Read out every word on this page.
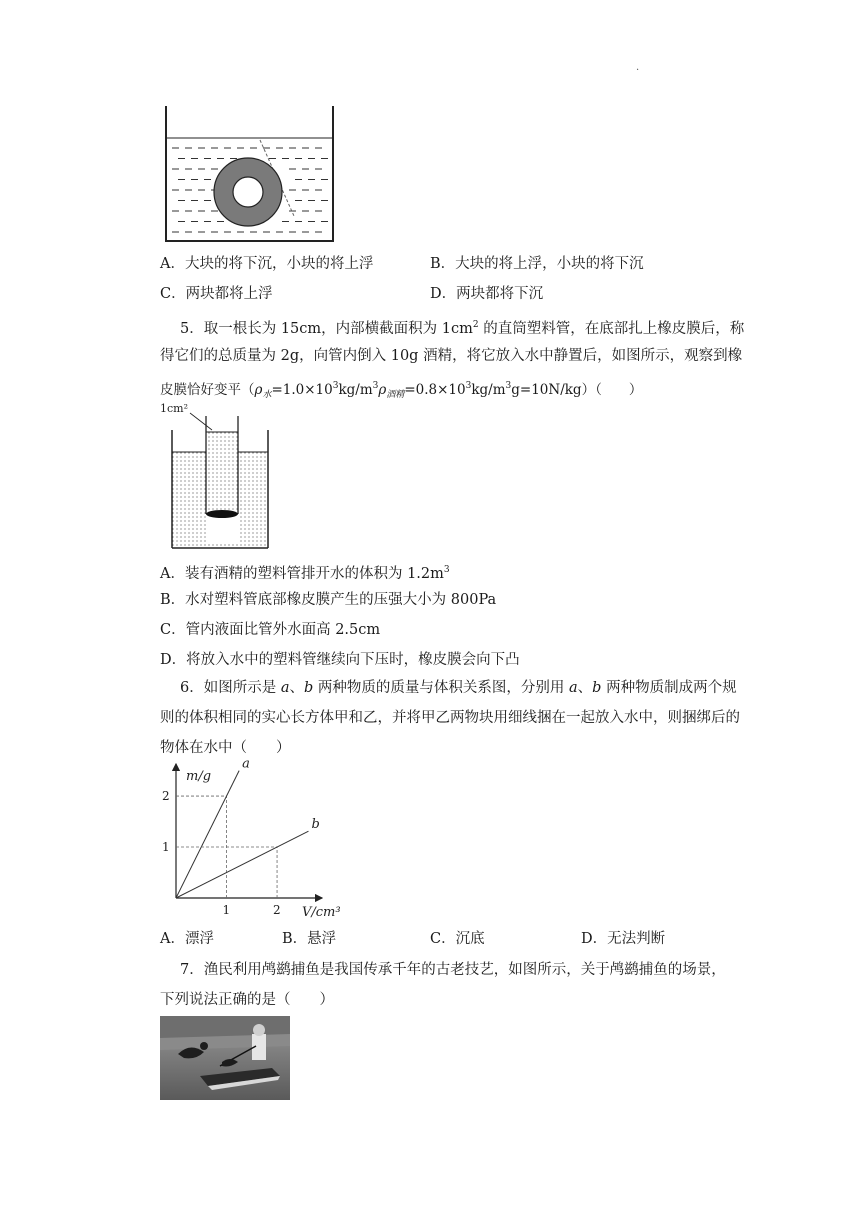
.
A．大块的将下沉，小块的将上浮	B．大块的将上浮，小块的将下沉
C．两块都将上浮	D．两块都将下沉
5．取一根长为 15cm，内部横截面积为 $1cm^2$ 的直筒塑料管，在底部扎上橡皮膜后，称
得它们的总质量为 2g，向管内倒入 10g 酒精，将它放入水中静置后，如图所示，观察到橡
皮膜恰好变平$(\rho_水=1.0\times 10^3kg/m^3\rho_{酒精}=0.8\times 10^3kg/m^3g=10N/kg)$（　　）
1cm²
A．装有酒精的塑料管排开水的体积为 $1.2m^3$
B．水对塑料管底部橡皮膜产生的压强大小为 800Pa
C．管内液面比管外水面高 2.5cm
D．将放入水中的塑料管继续向下压时，橡皮膜会向下凸
6．如图所示是 a、b 两种物质的质量与体积关系图，分别用 a、b 两种物质制成两个规
则的体积相同的实心长方体甲和乙，并将甲乙两物块用细线捆在一起放入水中，则捆绑后的
物体在水中（　　）
a
b
1	2
1
2
m/g
V/cm³
A．漂浮	B．悬浮	C．沉底	D．无法判断
7．渔民利用鸬鹚捕鱼是我国传承千年的古老技艺，如图所示，关于鸬鹚捕鱼的场景，
下列说法正确的是（　　）
